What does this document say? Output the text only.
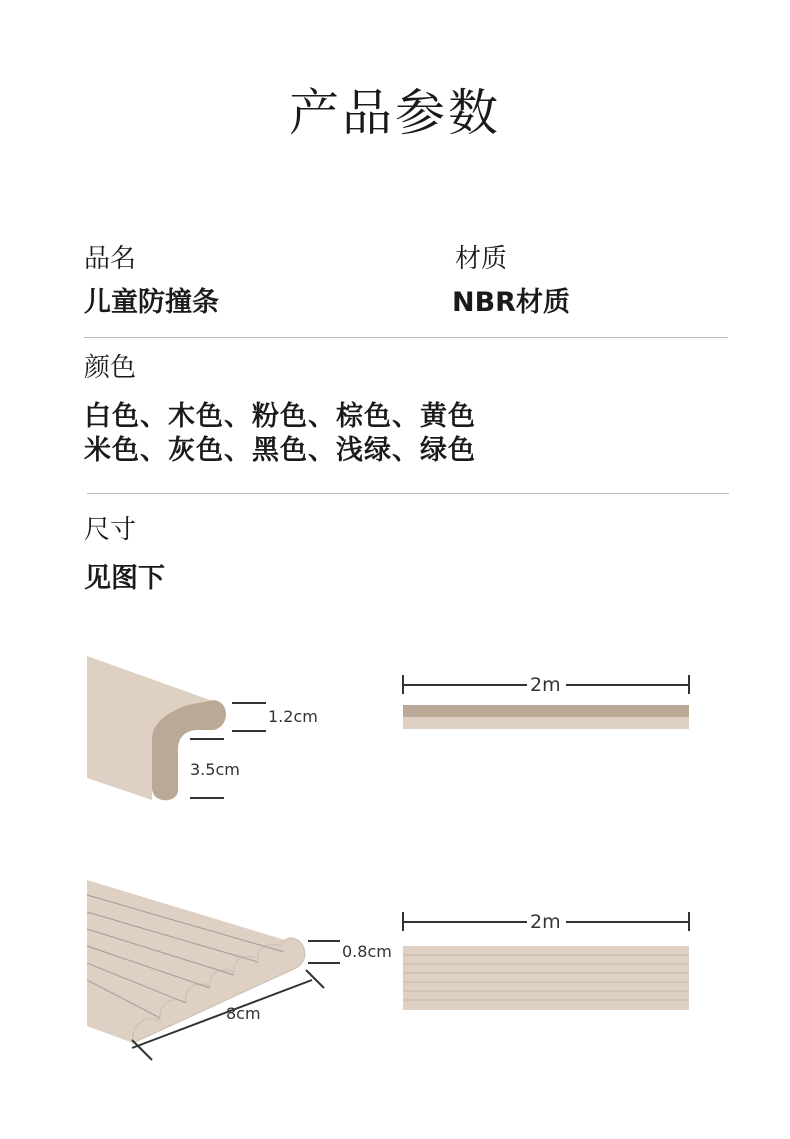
产品参数
品名
儿童防撞条
材质
NBR材质
颜色
白色、木色、粉色、棕色、黄色
米色、灰色、黑色、浅绿、绿色
尺寸
见图下
1.2cm
3.5cm
2m
0.8cm
8cm
2m
